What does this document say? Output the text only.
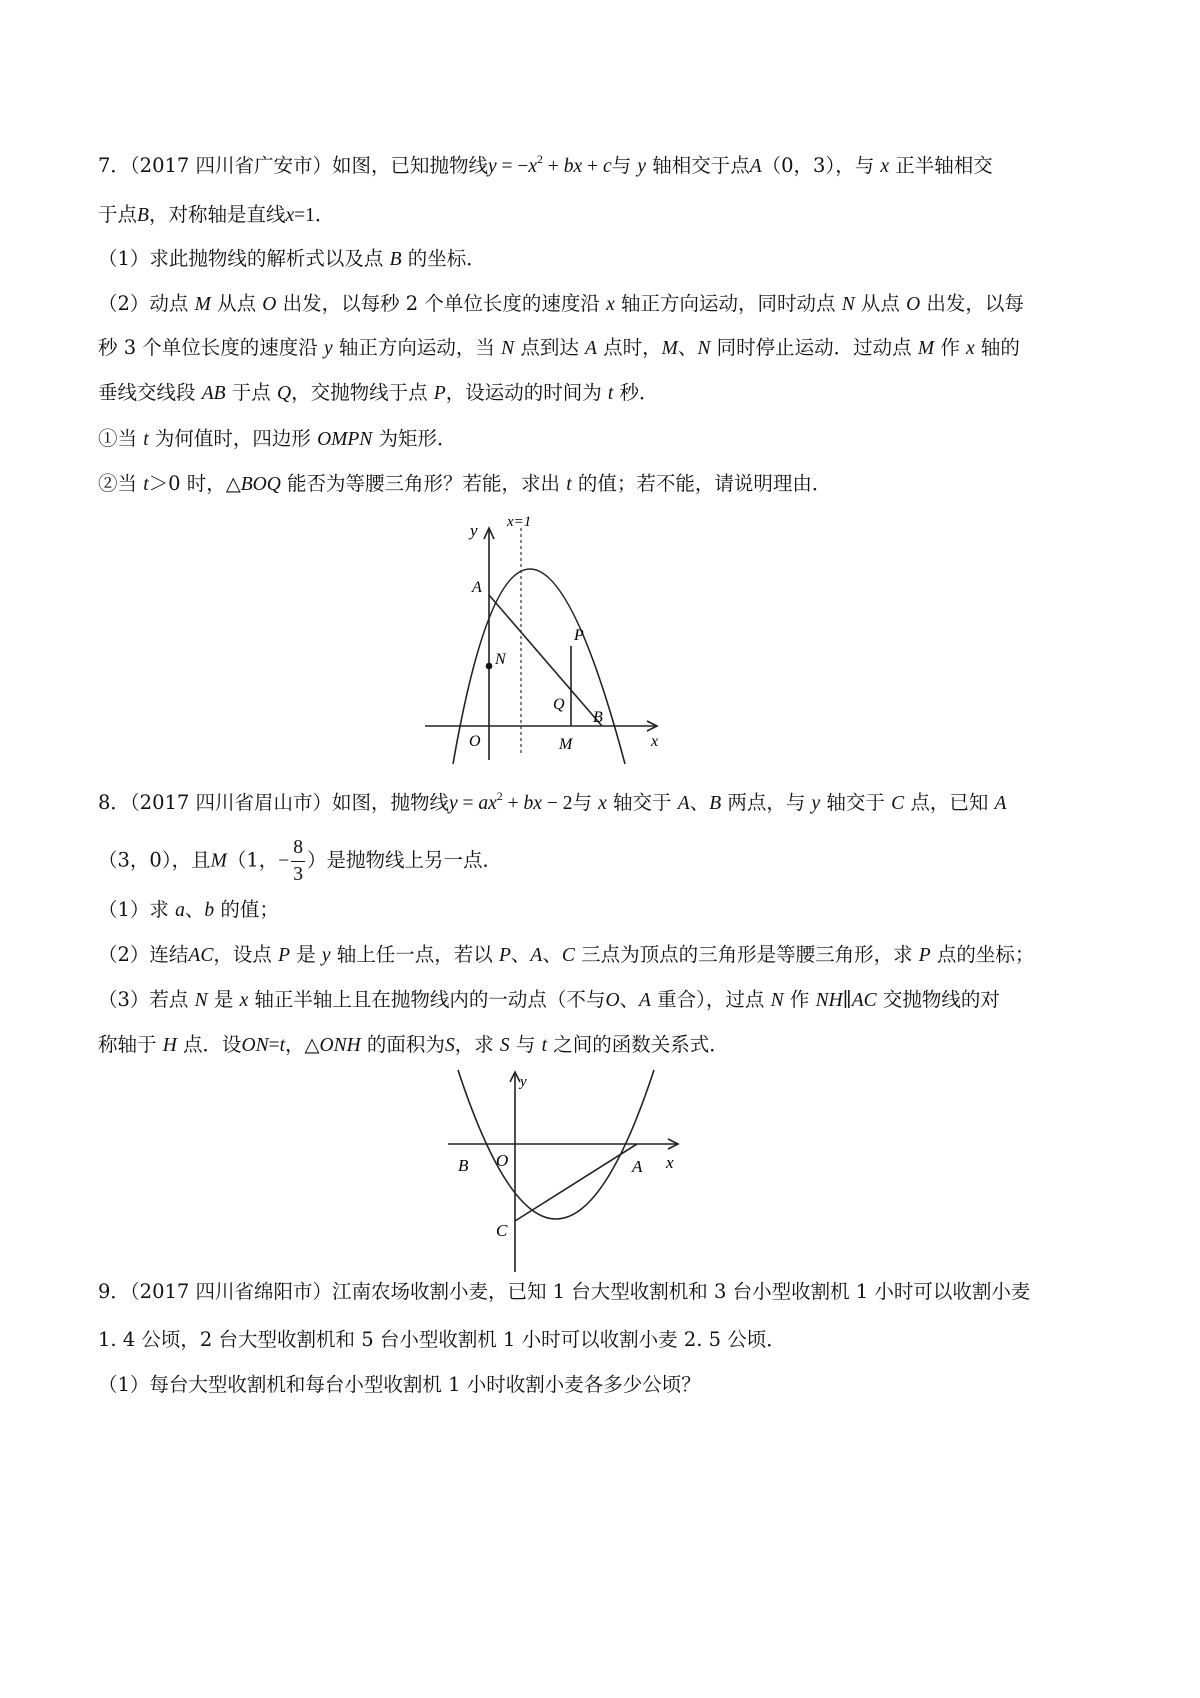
7．（2017 四川省广安市）如图，已知抛物线$y = -x^2$ + bx + c与 y 轴相交于点A（0，3），与 x 正半轴相交
于点B，对称轴是直线x=1．
（1）求此抛物线的解析式以及点 B 的坐标．
（2）动点 M 从点 O 出发，以每秒 2 个单位长度的速度沿 x 轴正方向运动，同时动点 N 从点 O 出发，以每
秒 3 个单位长度的速度沿 y 轴正方向运动，当 N 点到达 A 点时，M、N 同时停止运动．过动点 M 作 x 轴的
垂线交线段 AB 于点 Q，交抛物线于点 P，设运动的时间为 t 秒．
①当 t 为何值时，四边形 OMPN 为矩形．
②当 t＞0 时，△BOQ 能否为等腰三角形？若能，求出 t 的值；若不能，请说明理由．
y x=1
A
P
N
Q
B
O	M	x
8．（2017 四川省眉山市）如图，抛物线$y = ax^2$ + bx − 2与 x 轴交于 A、B 两点，与 y 轴交于 C 点，已知 A
（3，0），且M（1，− $\frac{8}{3}$ ）是抛物线上另一点．
（1）求 a、b 的值；
（2）连结AC，设点 P 是 y 轴上任一点，若以 P、A、C 三点为顶点的三角形是等腰三角形，求 P 点的坐标；
（3）若点 N 是 x 轴正半轴上且在抛物线内的一动点（不与O、A 重合），过点 N 作 NH∥AC 交抛物线的对
称轴于 H 点．设ON=t，△ONH 的面积为S，求 S 与 t 之间的函数关系式．
y
B O	A x
C
9．（2017 四川省绵阳市）江南农场收割小麦，已知 1 台大型收割机和 3 台小型收割机 1 小时可以收割小麦
1. 4 公顷，2 台大型收割机和 5 台小型收割机 1 小时可以收割小麦 2. 5 公顷．
（1）每台大型收割机和每台小型收割机 1 小时收割小麦各多少公顷？
